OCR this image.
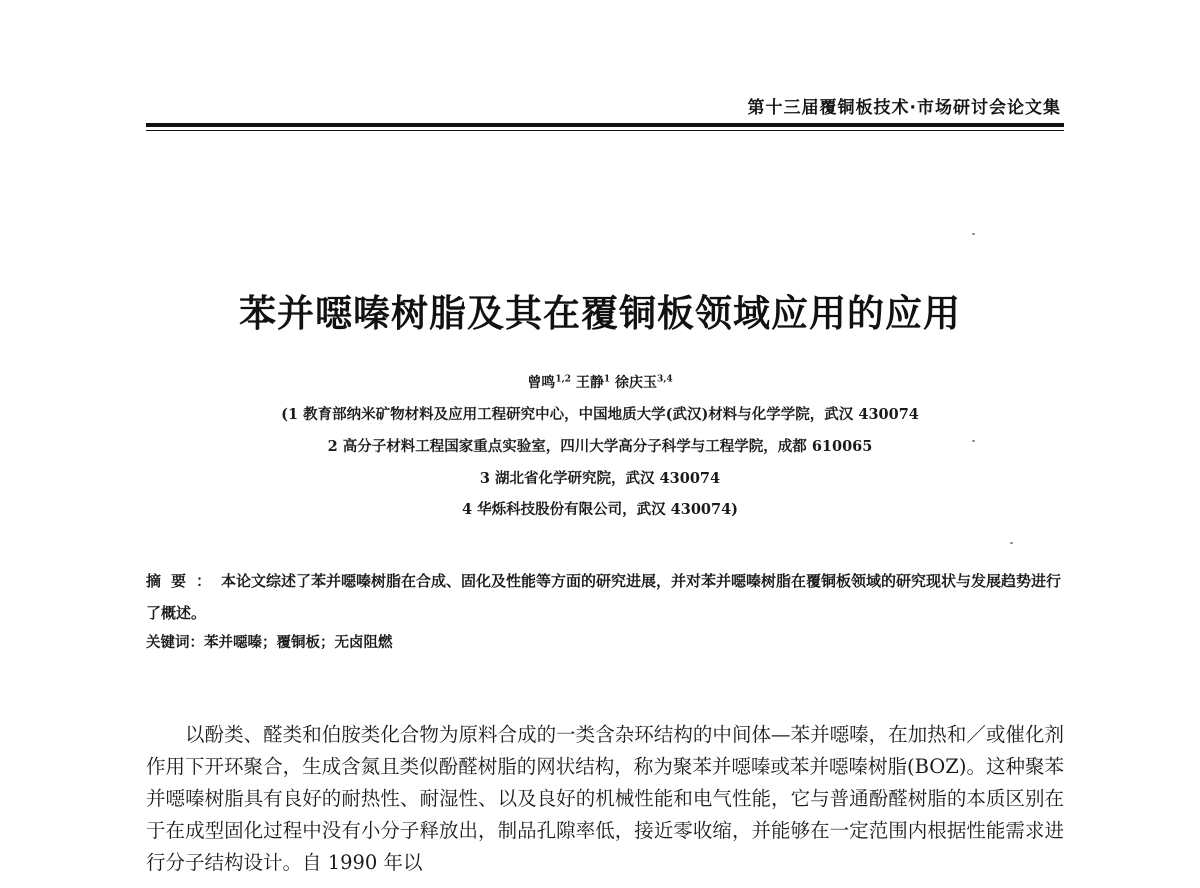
第十三届覆铜板技术·市场研讨会论文集
苯并噁嗪树脂及其在覆铜板领域应用的应用
曾鸣$^{1,2}$ 王静$^1$ 徐庆玉$^{3,4}$
(1 教育部纳米矿物材料及应用工程研究中心，中国地质大学(武汉)材料与化学学院，武汉 430074
2 高分子材料工程国家重点实验室，四川大学高分子科学与工程学院，成都 610065
3 湖北省化学研究院，武汉 430074
4 华烁科技股份有限公司，武汉 430074)
摘要：本论文综述了苯并噁嗪树脂在合成、固化及性能等方面的研究进展，并对苯并噁嗪树脂在覆铜板领域的研究现状与发展趋势进行了概述。
关键词：苯并噁嗪；覆铜板；无卤阻燃
以酚类、醛类和伯胺类化合物为原料合成的一类含杂环结构的中间体—苯并噁嗪，在加热和／或催化剂作用下开环聚合，生成含氮且类似酚醛树脂的网状结构，称为聚苯并噁嗪或苯并噁嗪树脂(BOZ)。这种聚苯并噁嗪树脂具有良好的耐热性、耐湿性、以及良好的机械性能和电气性能，它与普通酚醛树脂的本质区别在于在成型固化过程中没有小分子释放出，制品孔隙率低，接近零收缩，并能够在一定范围内根据性能需求进行分子结构设计。自 1990 年以
